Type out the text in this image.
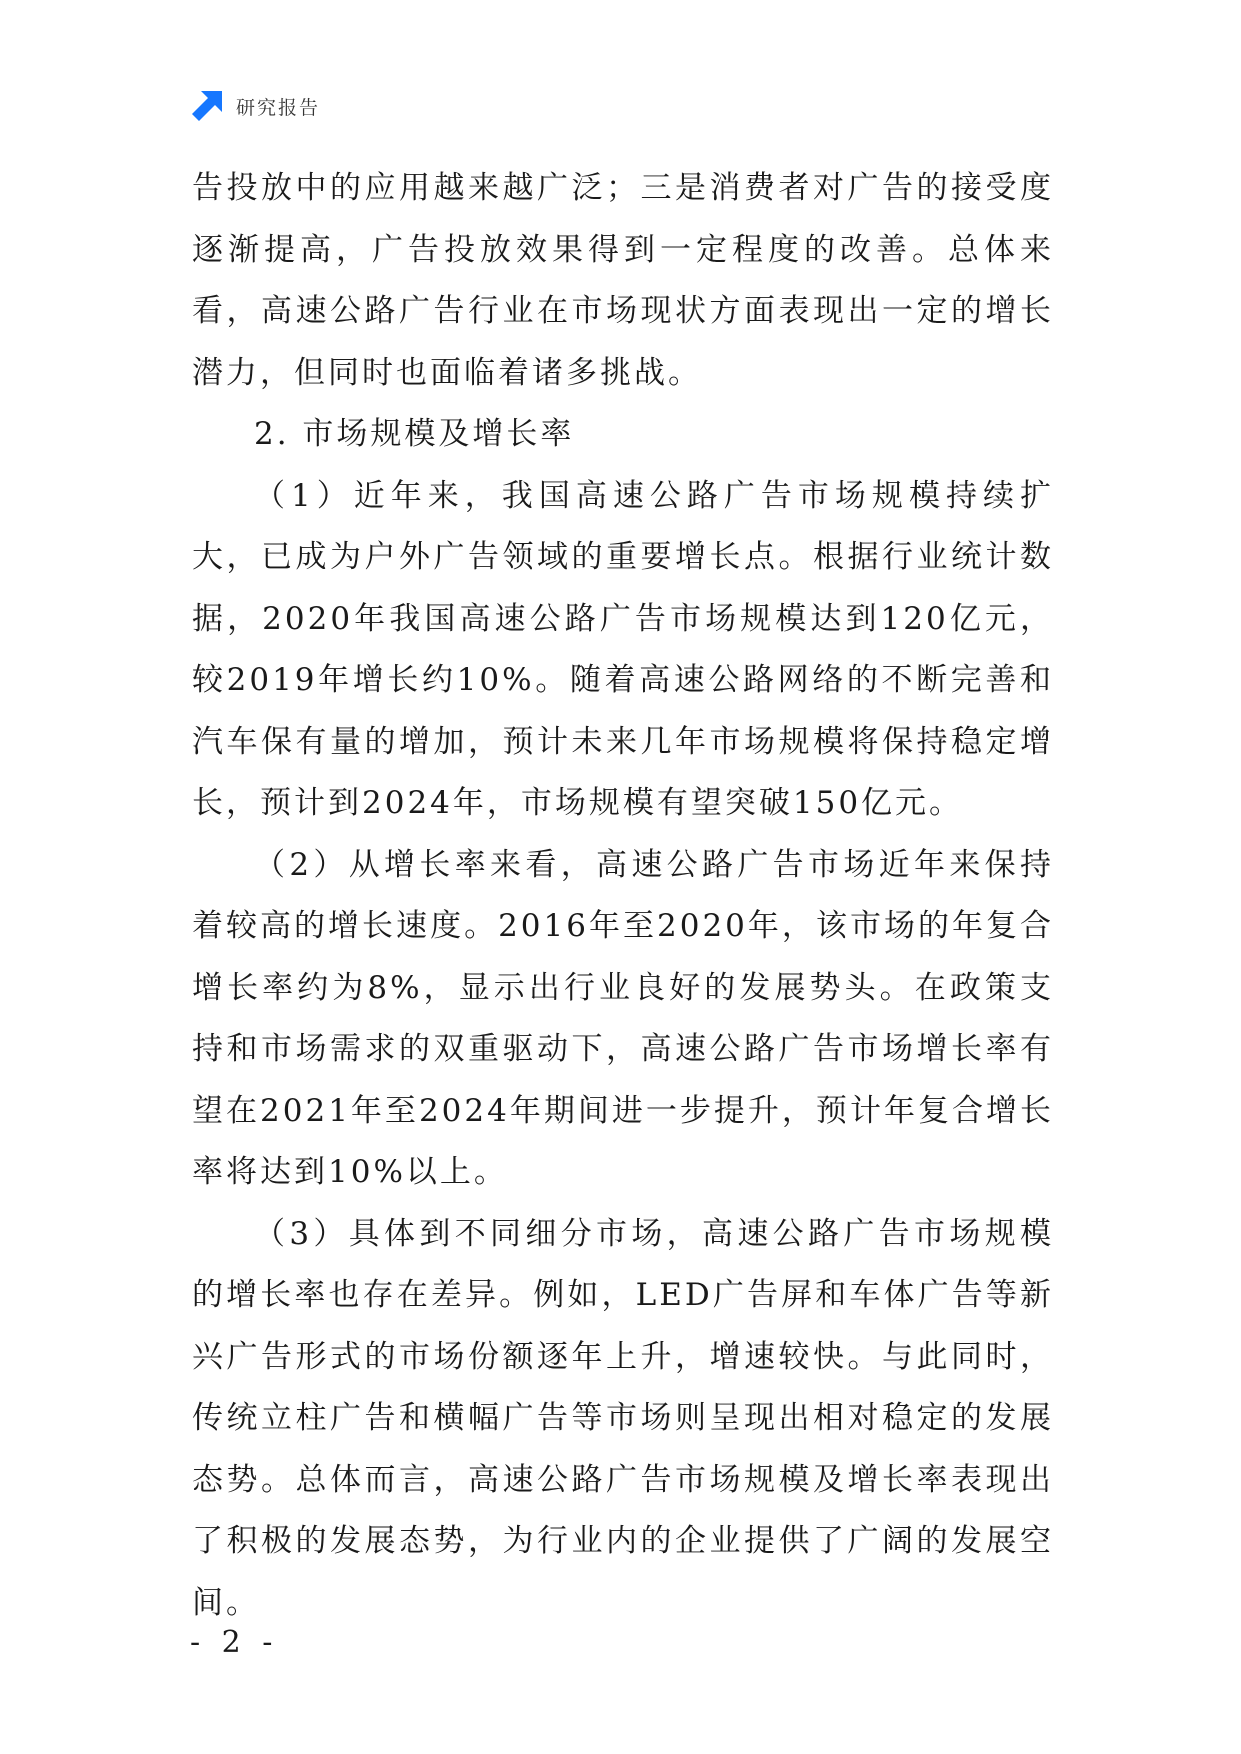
研究报告

告投放中的应用越来越广泛；三是消费者对广告的接受度逐渐提高，广告投放效果得到一定程度的改善。总体来看，高速公路广告行业在市场现状方面表现出一定的增长潜力，但同时也面临着诸多挑战。

2. 市场规模及增长率

（1）近年来，我国高速公路广告市场规模持续扩大，已成为户外广告领域的重要增长点。根据行业统计数据，2020年我国高速公路广告市场规模达到120亿元，较2019年增长约10%。随着高速公路网络的不断完善和汽车保有量的增加，预计未来几年市场规模将保持稳定增长，预计到2024年，市场规模有望突破150亿元。

（2）从增长率来看，高速公路广告市场近年来保持着较高的增长速度。2016年至2020年，该市场的年复合增长率约为8%，显示出行业良好的发展势头。在政策支持和市场需求的双重驱动下，高速公路广告市场增长率有望在2021年至2024年期间进一步提升，预计年复合增长率将达到10%以上。

（3）具体到不同细分市场，高速公路广告市场规模的增长率也存在差异。例如，LED广告屏和车体广告等新兴广告形式的市场份额逐年上升，增速较快。与此同时，传统立柱广告和横幅广告等市场则呈现出相对稳定的发展态势。总体而言，高速公路广告市场规模及增长率表现出了积极的发展态势，为行业内的企业提供了广阔的发展空间。

- 2 -
